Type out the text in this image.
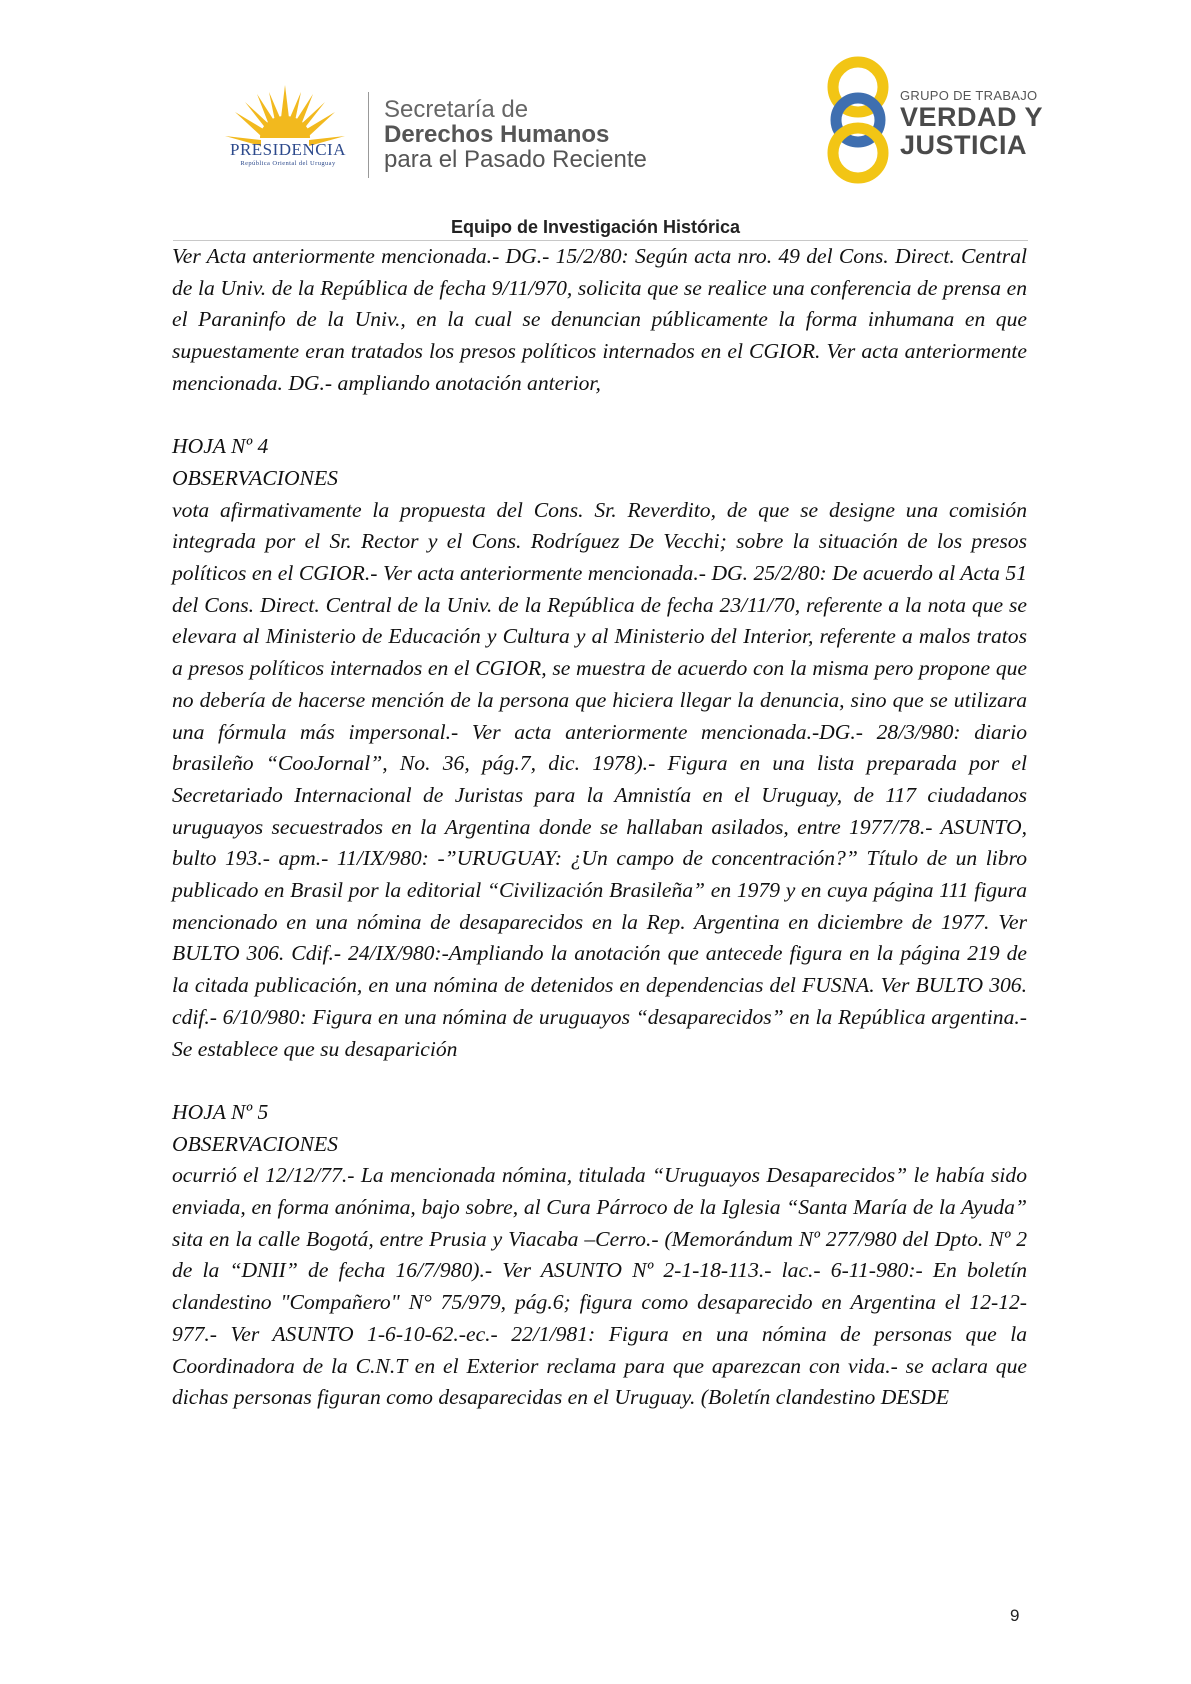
PRESIDENCIA
República Oriental del Uruguay
Secretaría de
Derechos Humanos
para el Pasado Reciente
GRUPO DE TRABAJO
VERDAD Y
JUSTICIA
Equipo de Investigación Histórica

Ver Acta anteriormente mencionada.- DG.- 15/2/80: Según acta nro. 49 del Cons. Direct. Central de la Univ. de la República de fecha 9/11/970, solicita que se realice una conferencia de prensa en el Paraninfo de la Univ., en la cual se denuncian públicamente la forma inhumana en que supuestamente eran tratados los presos políticos internados en el CGIOR. Ver acta anteriormente mencionada. DG.- ampliando anotación anterior,

HOJA Nº 4

OBSERVACIONES

vota afirmativamente la propuesta del Cons. Sr. Reverdito, de que se designe una comisión integrada por el Sr. Rector y el Cons. Rodríguez De Vecchi; sobre la situación de los presos políticos en el CGIOR.- Ver acta anteriormente mencionada.- DG. 25/2/80: De acuerdo al Acta 51 del Cons. Direct. Central de la Univ. de la República de fecha 23/11/70, referente a la nota que se elevara al Ministerio de Educación y Cultura y al Ministerio del Interior, referente a malos tratos a presos políticos internados en el CGIOR, se muestra de acuerdo con la misma pero propone que no debería de hacerse mención de la persona que hiciera llegar la denuncia, sino que se utilizara una fórmula más impersonal.- Ver acta anteriormente mencionada.-DG.- 28/3/980: diario brasileño “CooJornal”, No. 36, pág.7, dic. 1978).- Figura en una lista preparada por el Secretariado Internacional de Juristas para la Amnistía en el Uruguay, de 117 ciudadanos uruguayos secuestrados en la Argentina donde se hallaban asilados, entre 1977/78.- ASUNTO, bulto 193.- apm.- 11/IX/980: -”URUGUAY: ¿Un campo de concentración?” Título de un libro publicado en Brasil por la editorial “Civilización Brasileña” en 1979 y en cuya página 111 figura mencionado en una nómina de desaparecidos en la Rep. Argentina en diciembre de 1977. Ver BULTO 306. Cdif.- 24/IX/980:-Ampliando la anotación que antecede figura en la página 219 de la citada publicación, en una nómina de detenidos en dependencias del FUSNA. Ver BULTO 306. cdif.- 6/10/980: Figura en una nómina de uruguayos “desaparecidos” en la República argentina.- Se establece que su desaparición

HOJA Nº 5

OBSERVACIONES

ocurrió el 12/12/77.- La mencionada nómina, titulada “Uruguayos Desaparecidos” le había sido enviada, en forma anónima, bajo sobre, al Cura Párroco de la Iglesia “Santa María de la Ayuda” sita en la calle Bogotá, entre Prusia y Viacaba –Cerro.- (Memorándum Nº 277/980 del Dpto. Nº 2 de la “DNII” de fecha 16/7/980).- Ver ASUNTO Nº 2-1-18-113.- lac.- 6-11-980:- En boletín clandestino "Compañero" N° 75/979, pág.6; figura como desaparecido en Argentina el 12-12-977.- Ver ASUNTO 1-6-10-62.-ec.- 22/1/981: Figura en una nómina de personas que la Coordinadora de la C.N.T en el Exterior reclama para que aparezcan con vida.- se aclara que dichas personas figuran como desaparecidas en el Uruguay. (Boletín clandestino DESDE

9
